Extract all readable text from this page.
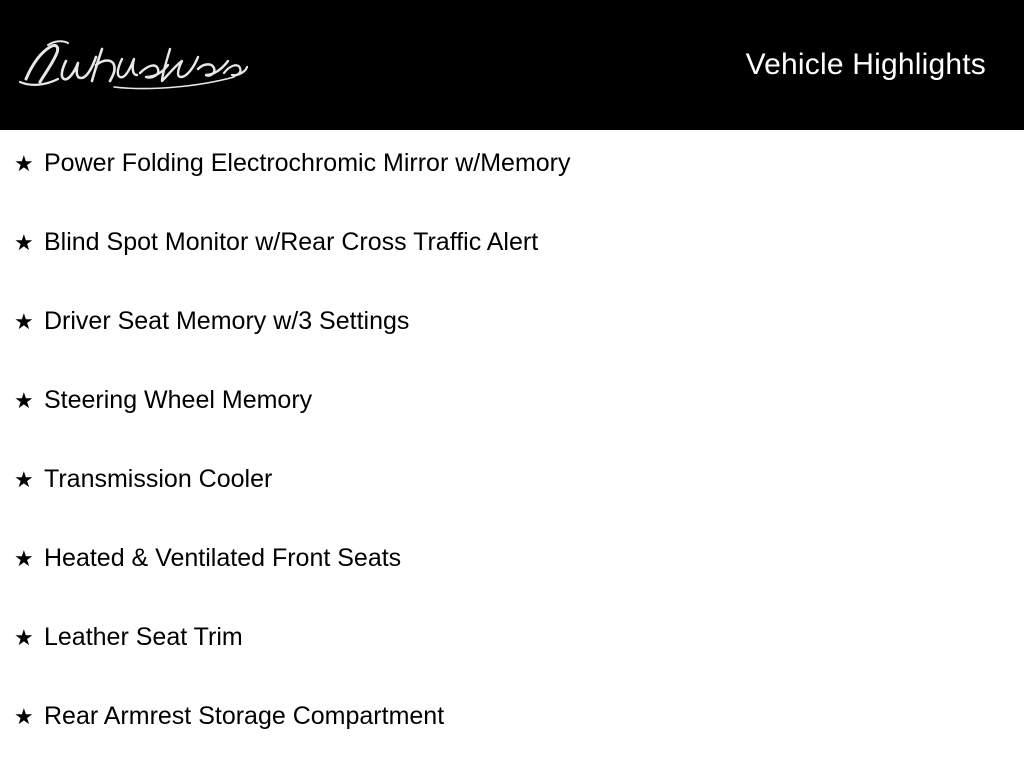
Vehicle Highlights
★ Power Folding Electrochromic Mirror w/Memory
★ Blind Spot Monitor w/Rear Cross Traffic Alert
★ Driver Seat Memory w/3 Settings
★ Steering Wheel Memory
★ Transmission Cooler
★ Heated & Ventilated Front Seats
★ Leather Seat Trim
★ Rear Armrest Storage Compartment
